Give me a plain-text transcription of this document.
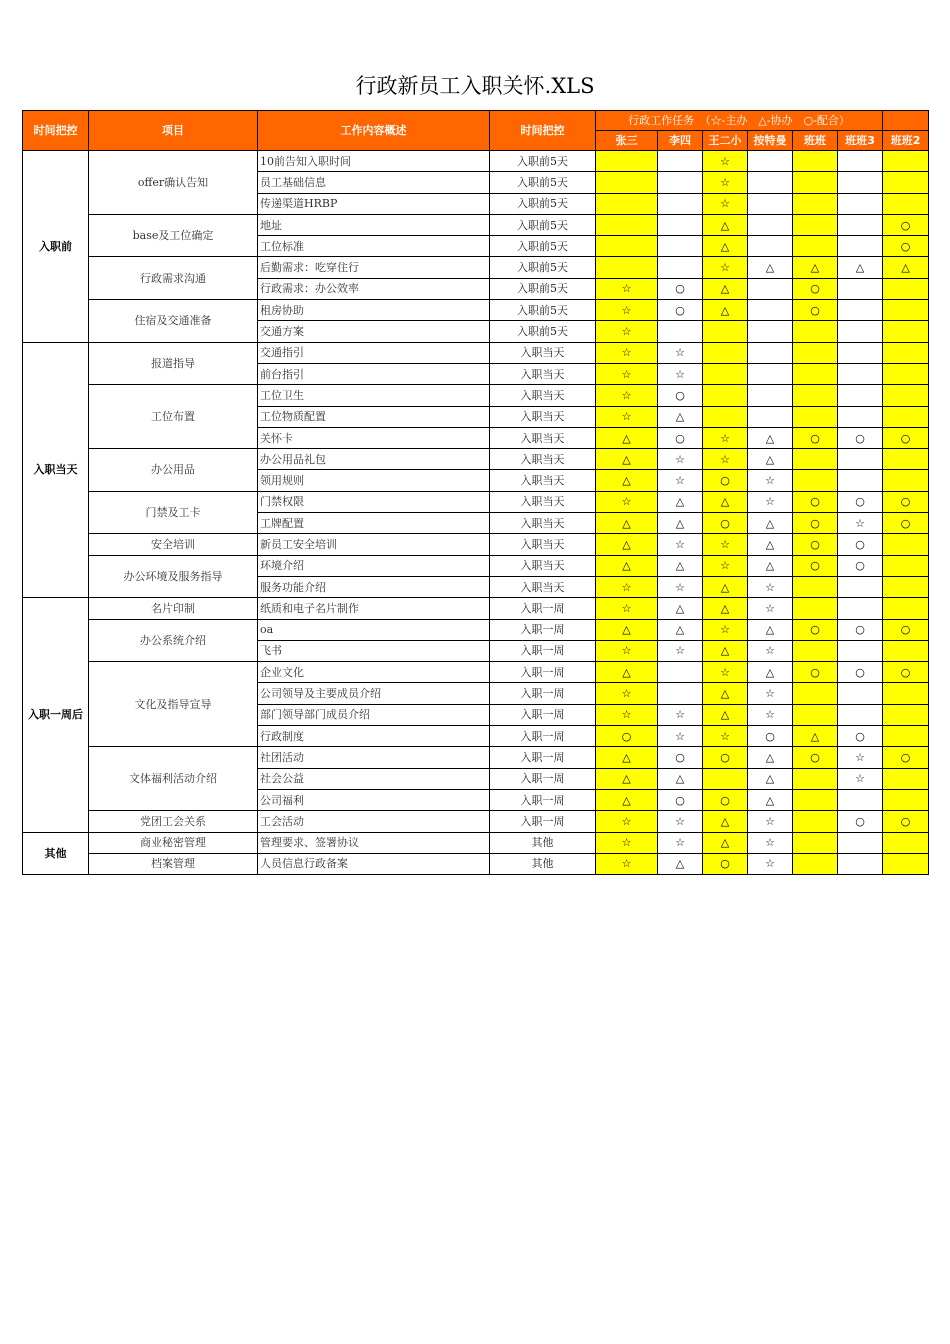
行政新员工入职关怀.XLS
时间把控	项目	工作内容概述	时间把控	行政工作任务　（☆-主办　△-协办　○-配合）						
				张三	李四	王二小	按特曼	班班	班班3	班班2
入职前	offer确认告知	10前告知入职时间	入职前5天			☆				
		员工基础信息	入职前5天			☆				
		传递渠道HRBP	入职前5天			☆				
	base及工位确定	地址	入职前5天			△				○
		工位标准	入职前5天			△				○
	行政需求沟通	后勤需求：吃穿住行	入职前5天			☆	△	△	△	△
		行政需求：办公效率	入职前5天	☆	○	△		○		
	住宿及交通准备	租房协助	入职前5天	☆	○	△		○		
		交通方案	入职前5天	☆						
入职当天	报道指导	交通指引	入职当天	☆	☆					
		前台指引	入职当天	☆	☆					
	工位布置	工位卫生	入职当天	☆	○					
		工位物质配置	入职当天	☆	△					
		关怀卡	入职当天	△	○	☆	△	○	○	○
	办公用品	办公用品礼包	入职当天	△	☆	☆	△			
		领用规则	入职当天	△	☆	○	☆			
	门禁及工卡	门禁权限	入职当天	☆	△	△	☆	○	○	○
		工牌配置	入职当天	△	△	○	△	○	☆	○
	安全培训	新员工安全培训	入职当天	△	☆	☆	△	○	○	
	办公环境及服务指导	环境介绍	入职当天	△	△	☆	△	○	○	
		服务功能介绍	入职当天	☆	☆	△	☆			
入职一周后	名片印制	纸质和电子名片制作	入职一周	☆	△	△	☆			
	办公系统介绍	oa	入职一周	△	△	☆	△	○	○	○
		飞书	入职一周	☆	☆	△	☆			
	文化及指导宣导	企业文化	入职一周	△		☆	△	○	○	○
		公司领导及主要成员介绍	入职一周	☆		△	☆			
		部门领导部门成员介绍	入职一周	☆	☆	△	☆			
		行政制度	入职一周	○	☆	☆	○	△	○	
	文体福利活动介绍	社团活动	入职一周	△	○	○	△	○	☆	○
		社会公益	入职一周	△	△		△		☆	
		公司福利	入职一周	△	○	○	△			
	党团工会关系	工会活动	入职一周	☆	☆	△	☆		○	○
其他	商业秘密管理	管理要求、签署协议	其他	☆	☆	△	☆			
	档案管理	人员信息行政备案	其他	☆	△	○	☆			
